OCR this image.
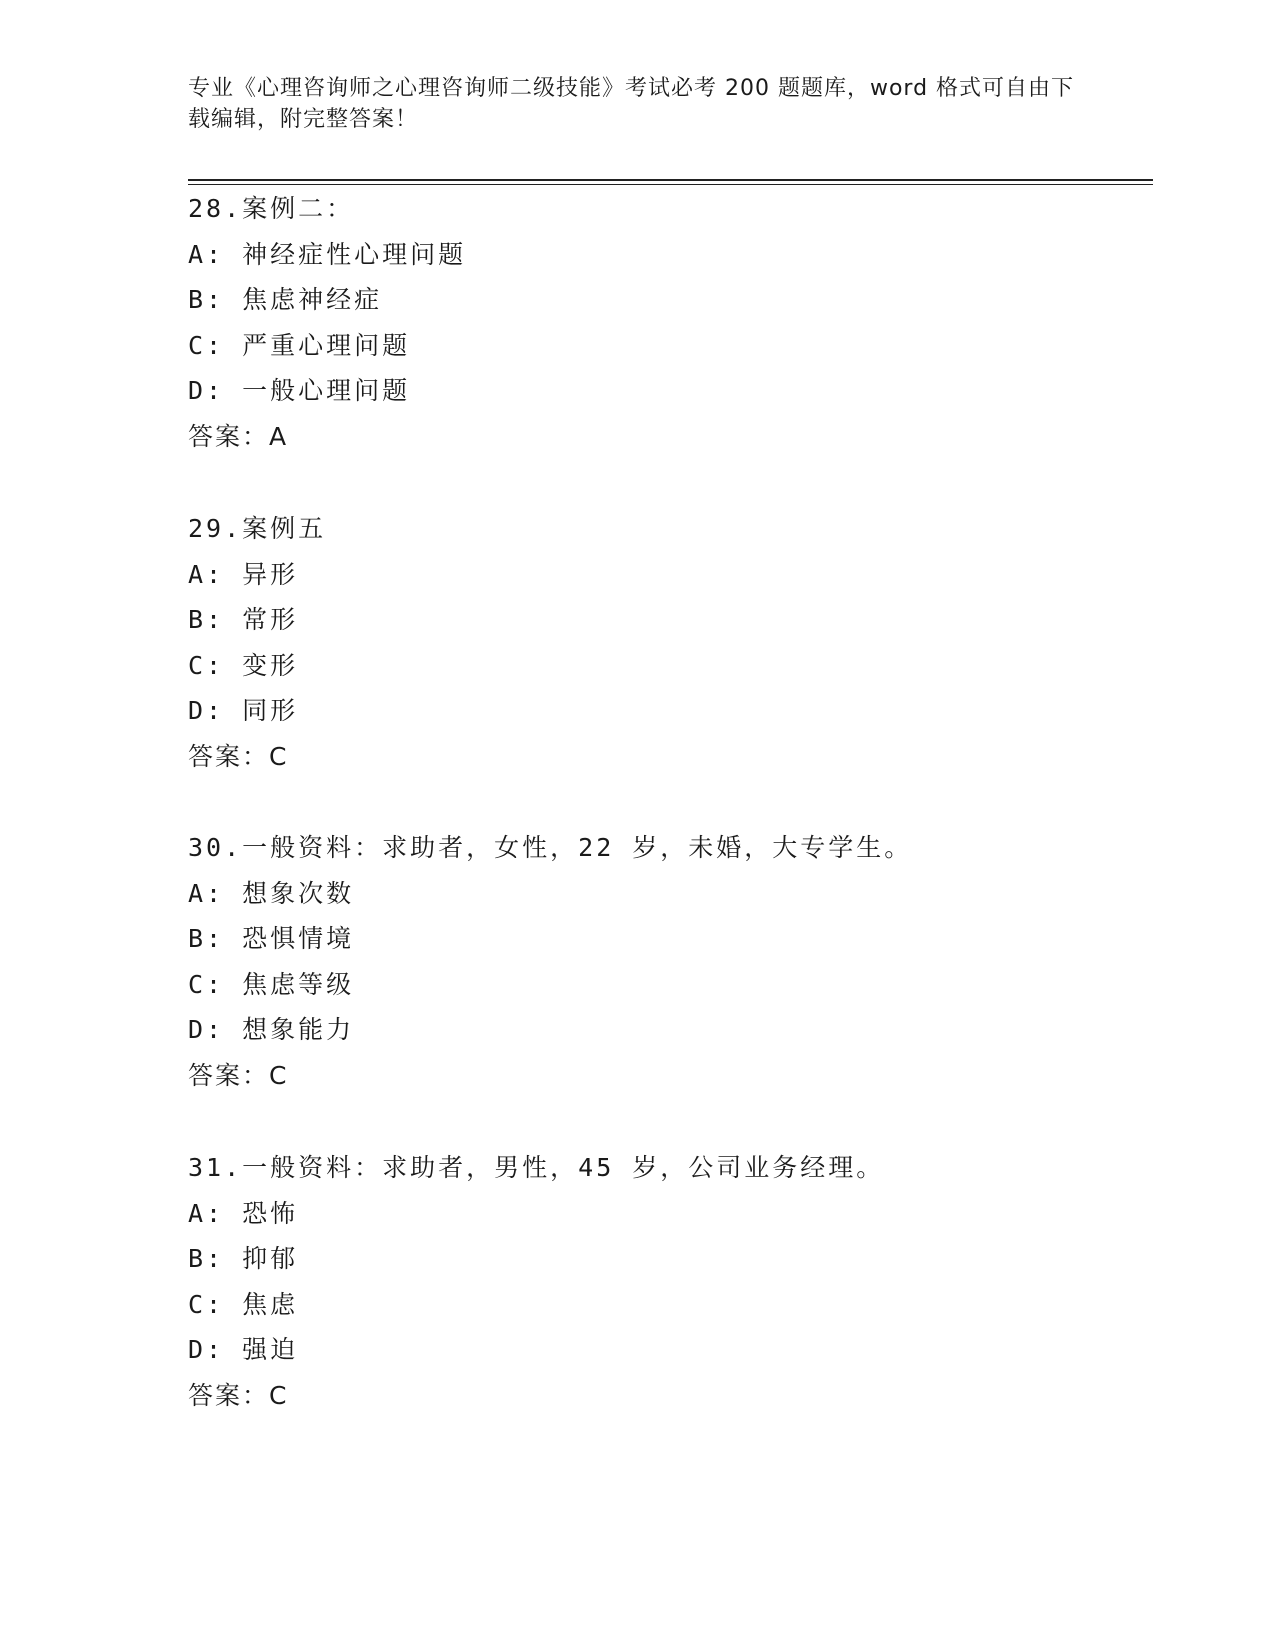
专业《心理咨询师之心理咨询师二级技能》考试必考 200 题题库，word 格式可自由下载编辑，附完整答案！
28.案例二：
A: 神经症性心理问题
B: 焦虑神经症
C: 严重心理问题
D: 一般心理问题
答案：A
29.案例五
A: 异形
B: 常形
C: 变形
D: 同形
答案：C
30.一般资料：求助者，女性，22 岁，未婚，大专学生。
A: 想象次数
B: 恐惧情境
C: 焦虑等级
D: 想象能力
答案：C
31.一般资料：求助者，男性，45 岁，公司业务经理。
A: 恐怖
B: 抑郁
C: 焦虑
D: 强迫
答案：C
